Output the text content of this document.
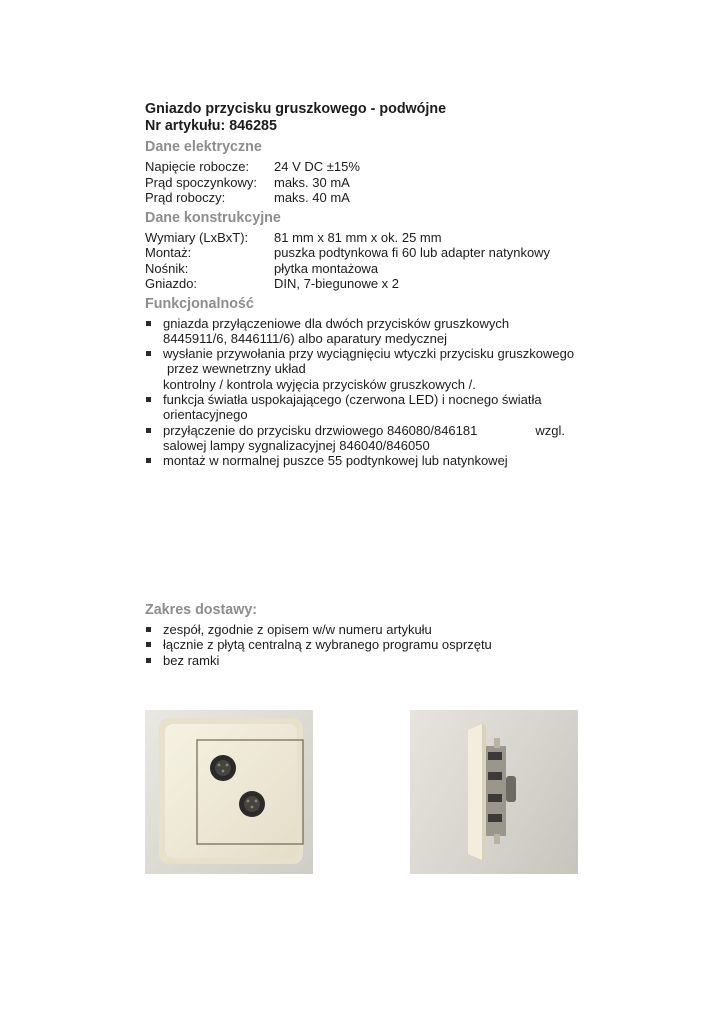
Gniazdo przycisku gruszkowego - podwójne
Nr artykułu: 846285

Dane elektryczne
Napięcie robocze:	24 V DC ±15%
Prąd spoczynkowy:	maks. 30 mA
Prąd roboczy:	maks. 40 mA
Dane konstrukcyjne
Wymiary (LxBxT):	81 mm x 81 mm x ok. 25 mm
Montaż:	puszka podtynkowa fi 60 lub adapter natynkowy
Nośnik:	płytka montażowa
Gniazdo:	DIN, 7-biegunowe x 2
Funkcjonalność
gniazda przyłączeniowe dla dwóch przycisków gruszkowych
8445911/6, 8446111/6) albo aparatury medycznej
wysłanie przywołania przy wyciągnięciu wtyczki przycisku gruszkowego
przez wewnetrzny układ
kontrolny / kontrola wyjęcia przycisków gruszkowych /.
funkcja światła uspokajającego (czerwona LED) i nocnego światła
orientacyjnego
przyłączenie do przycisku drzwiowego 846080/846181	wzgl.
salowej lampy sygnalizacyjnej 846040/846050
montaż w normalnej puszce 55 podtynkowej lub natynkowej
Zakres dostawy:
zespół, zgodnie z opisem w/w numeru artykułu
łącznie z płytą centralną z wybranego programu osprzętu
bez ramki
